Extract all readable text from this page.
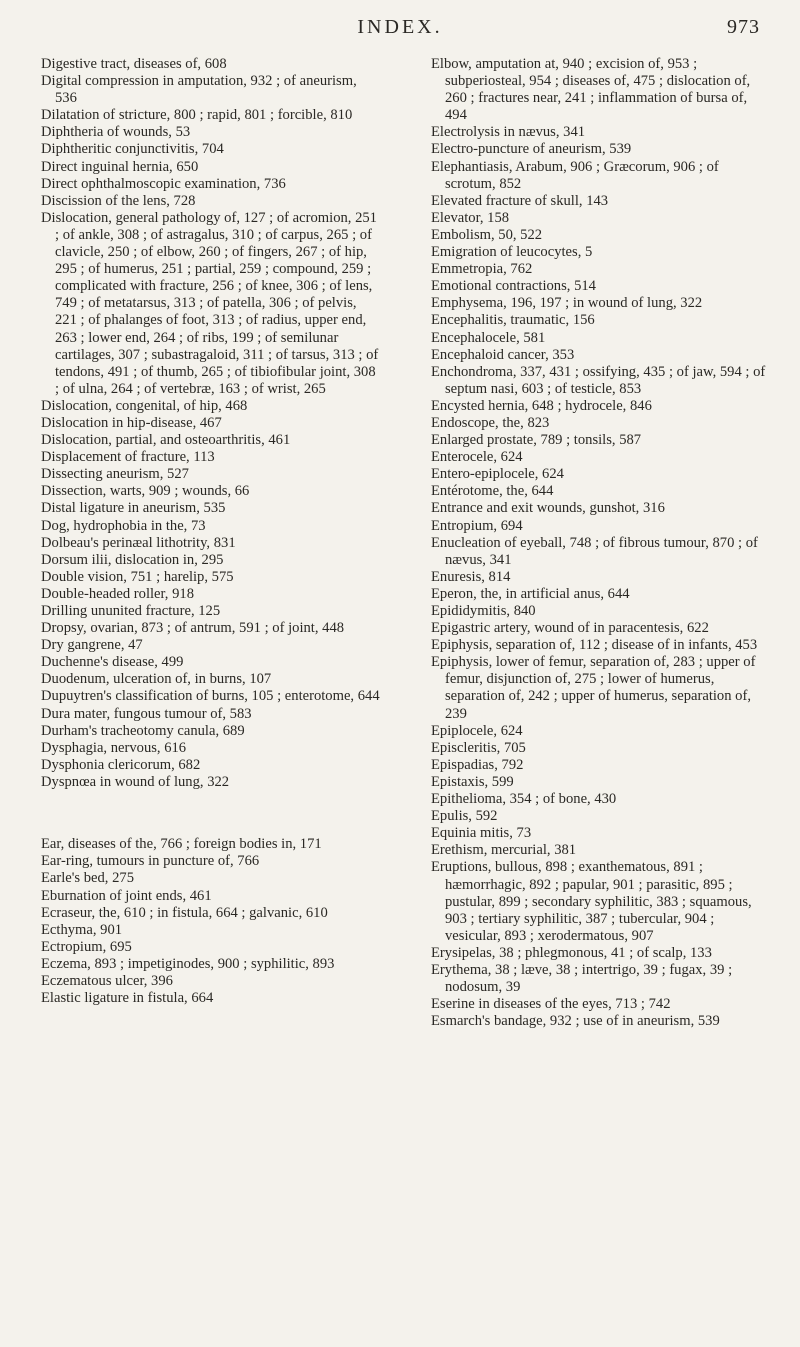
INDEX.	973

Digestive tract, diseases of, 608

Digital compression in amputation, 932 ; of aneurism, 536

Dilatation of stricture, 800 ; rapid, 801 ; forcible, 810

Diphtheria of wounds, 53

Diphtheritic conjunctivitis, 704

Direct inguinal hernia, 650

Direct ophthalmoscopic examination, 736

Discission of the lens, 728

Dislocation, general pathology of, 127 ; of acromion, 251 ; of ankle, 308 ; of astragalus, 310 ; of carpus, 265 ; of clavicle, 250 ; of elbow, 260 ; of fingers, 267 ; of hip, 295 ; of humerus, 251 ; partial, 259 ; compound, 259 ; complicated with fracture, 256 ; of knee, 306 ; of lens, 749 ; of metatarsus, 313 ; of patella, 306 ; of pelvis, 221 ; of phalanges of foot, 313 ; of radius, upper end, 263 ; lower end, 264 ; of ribs, 199 ; of semilunar cartilages, 307 ; subastragaloid, 311 ; of tarsus, 313 ; of tendons, 491 ; of thumb, 265 ; of tibiofibular joint, 308 ; of ulna, 264 ; of vertebræ, 163 ; of wrist, 265

Dislocation, congenital, of hip, 468

Dislocation in hip-disease, 467

Dislocation, partial, and osteoarthritis, 461

Displacement of fracture, 113

Dissecting aneurism, 527

Dissection, warts, 909 ; wounds, 66

Distal ligature in aneurism, 535

Dog, hydrophobia in the, 73

Dolbeau's perinæal lithotrity, 831

Dorsum ilii, dislocation in, 295

Double vision, 751 ; harelip, 575

Double-headed roller, 918

Drilling ununited fracture, 125

Dropsy, ovarian, 873 ; of antrum, 591 ; of joint, 448

Dry gangrene, 47

Duchenne's disease, 499

Duodenum, ulceration of, in burns, 107

Dupuytren's classification of burns, 105 ; enterotome, 644

Dura mater, fungous tumour of, 583

Durham's tracheotomy canula, 689

Dysphagia, nervous, 616

Dysphonia clericorum, 682

Dyspnœa in wound of lung, 322

Ear, diseases of the, 766 ; foreign bodies in, 171

Ear-ring, tumours in puncture of, 766

Earle's bed, 275

Eburnation of joint ends, 461

Ecraseur, the, 610 ; in fistula, 664 ; galvanic, 610

Ecthyma, 901

Ectropium, 695

Eczema, 893 ; impetiginodes, 900 ; syphilitic, 893

Eczematous ulcer, 396

Elastic ligature in fistula, 664

Elbow, amputation at, 940 ; excision of, 953 ; subperiosteal, 954 ; diseases of, 475 ; dislocation of, 260 ; fractures near, 241 ; inflammation of bursa of, 494

Electrolysis in nævus, 341

Electro-puncture of aneurism, 539

Elephantiasis, Arabum, 906 ; Græcorum, 906 ; of scrotum, 852

Elevated fracture of skull, 143

Elevator, 158

Embolism, 50, 522

Emigration of leucocytes, 5

Emmetropia, 762

Emotional contractions, 514

Emphysema, 196, 197 ; in wound of lung, 322

Encephalitis, traumatic, 156

Encephalocele, 581

Encephaloid cancer, 353

Enchondroma, 337, 431 ; ossifying, 435 ; of jaw, 594 ; of septum nasi, 603 ; of testicle, 853

Encysted hernia, 648 ; hydrocele, 846

Endoscope, the, 823

Enlarged prostate, 789 ; tonsils, 587

Enterocele, 624

Entero-epiplocele, 624

Entérotome, the, 644

Entrance and exit wounds, gunshot, 316

Entropium, 694

Enucleation of eyeball, 748 ; of fibrous tumour, 870 ; of nævus, 341

Enuresis, 814

Eperon, the, in artificial anus, 644

Epididymitis, 840

Epigastric artery, wound of in paracentesis, 622

Epiphysis, separation of, 112 ; disease of in infants, 453

Epiphysis, lower of femur, separation of, 283 ; upper of femur, disjunction of, 275 ; lower of humerus, separation of, 242 ; upper of humerus, separation of, 239

Epiplocele, 624

Episcleritis, 705

Epispadias, 792

Epistaxis, 599

Epithelioma, 354 ; of bone, 430

Epulis, 592

Equinia mitis, 73

Erethism, mercurial, 381

Eruptions, bullous, 898 ; exanthematous, 891 ; hæmorrhagic, 892 ; papular, 901 ; parasitic, 895 ; pustular, 899 ; secondary syphilitic, 383 ; squamous, 903 ; tertiary syphilitic, 387 ; tubercular, 904 ; vesicular, 893 ; xerodermatous, 907

Erysipelas, 38 ; phlegmonous, 41 ; of scalp, 133

Erythema, 38 ; læve, 38 ; intertrigo, 39 ; fugax, 39 ; nodosum, 39

Eserine in diseases of the eyes, 713 ; 742

Esmarch's bandage, 932 ; use of in aneurism, 539
